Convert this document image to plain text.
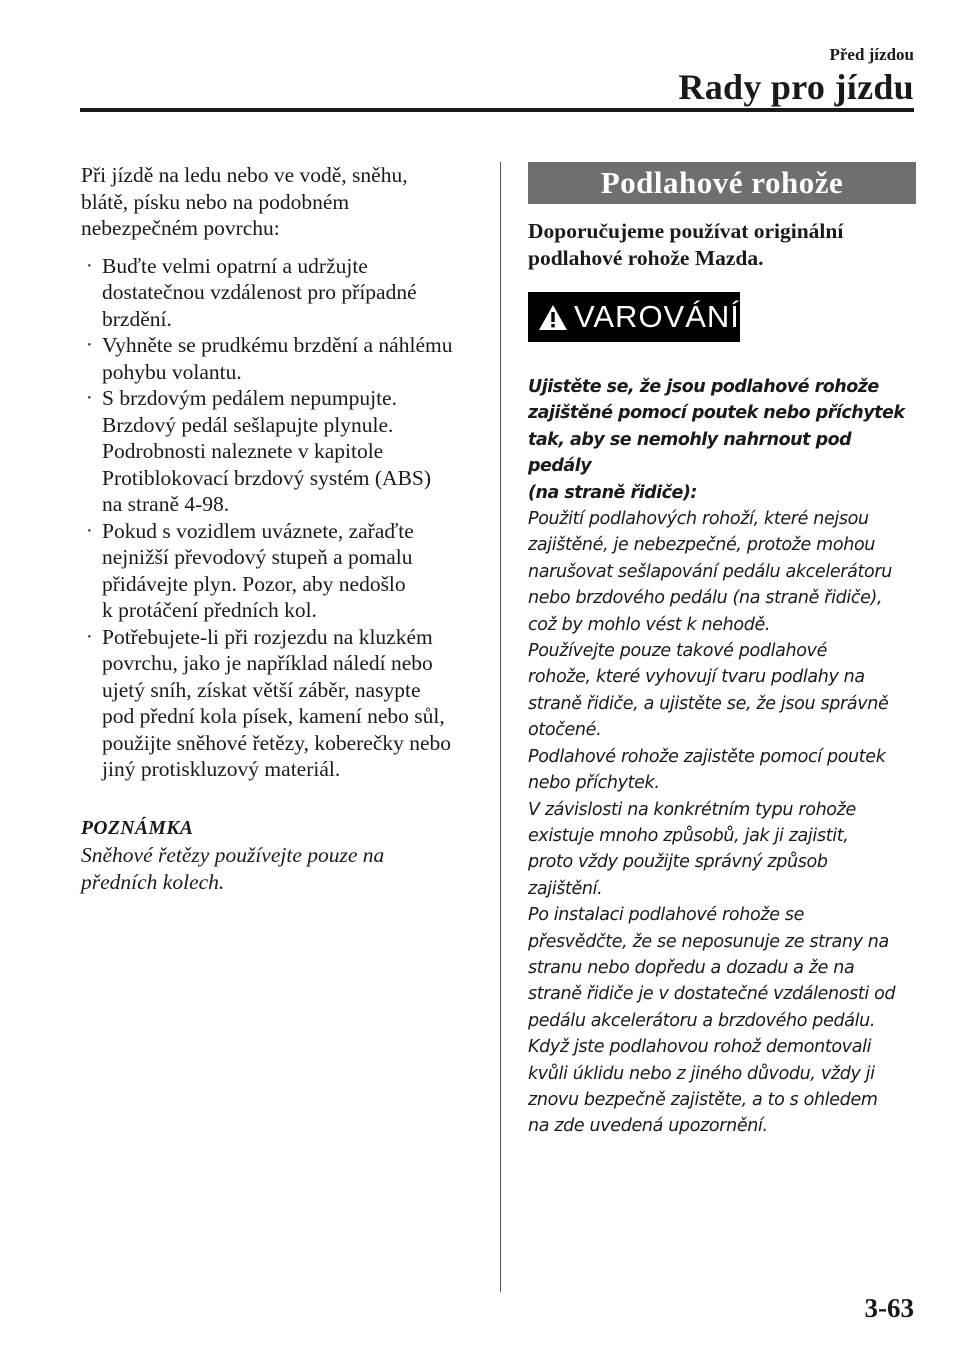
Před jízdou
Rady pro jízdu

Při jízdě na ledu nebo ve vodě, sněhu,
blátě, písku nebo na podobném
nebezpečném povrchu:

· Buďte velmi opatrní a udržujte
dostatečnou vzdálenost pro případné
brzdění.
· Vyhněte se prudkému brzdění a náhlému
pohybu volantu.
· S brzdovým pedálem nepumpujte.
Brzdový pedál sešlapujte plynule.
Podrobnosti naleznete v kapitole
Protiblokovací brzdový systém (ABS)
na straně 4-98.
· Pokud s vozidlem uváznete, zařaďte
nejnižší převodový stupeň a pomalu
přidávejte plyn. Pozor, aby nedošlo
k protáčení předních kol.
· Potřebujete-li při rozjezdu na kluzkém
povrchu, jako je například náledí nebo
ujetý sníh, získat větší záběr, nasypte
pod přední kola písek, kamení nebo sůl,
použijte sněhové řetězy, koberečky nebo
jiný protiskluzový materiál.

POZNÁMKA

Sněhové řetězy používejte pouze na
předních kolech.

Podlahové rohože

Doporučujeme používat originální
podlahové rohože Mazda.

VAROVÁNÍ

Ujistěte se, že jsou podlahové rohože
zajištěné pomocí poutek nebo příchytek
tak, aby se nemohly nahrnout pod pedály
(na straně řidiče):

Použití podlahových rohoží, které nejsou
zajištěné, je nebezpečné, protože mohou
narušovat sešlapování pedálu akcelerátoru
nebo brzdového pedálu (na straně řidiče),
což by mohlo vést k nehodě.
Používejte pouze takové podlahové
rohože, které vyhovují tvaru podlahy na
straně řidiče, a ujistěte se, že jsou správně
otočené.
Podlahové rohože zajistěte pomocí poutek
nebo příchytek.
V závislosti na konkrétním typu rohože
existuje mnoho způsobů, jak ji zajistit,
proto vždy použijte správný způsob
zajištění.
Po instalaci podlahové rohože se
přesvědčte, že se neposunuje ze strany na
stranu nebo dopředu a dozadu a že na
straně řidiče je v dostatečné vzdálenosti od
pedálu akcelerátoru a brzdového pedálu.
Když jste podlahovou rohož demontovali
kvůli úklidu nebo z jiného důvodu, vždy ji
znovu bezpečně zajistěte, a to s ohledem
na zde uvedená upozornění.

3-63
